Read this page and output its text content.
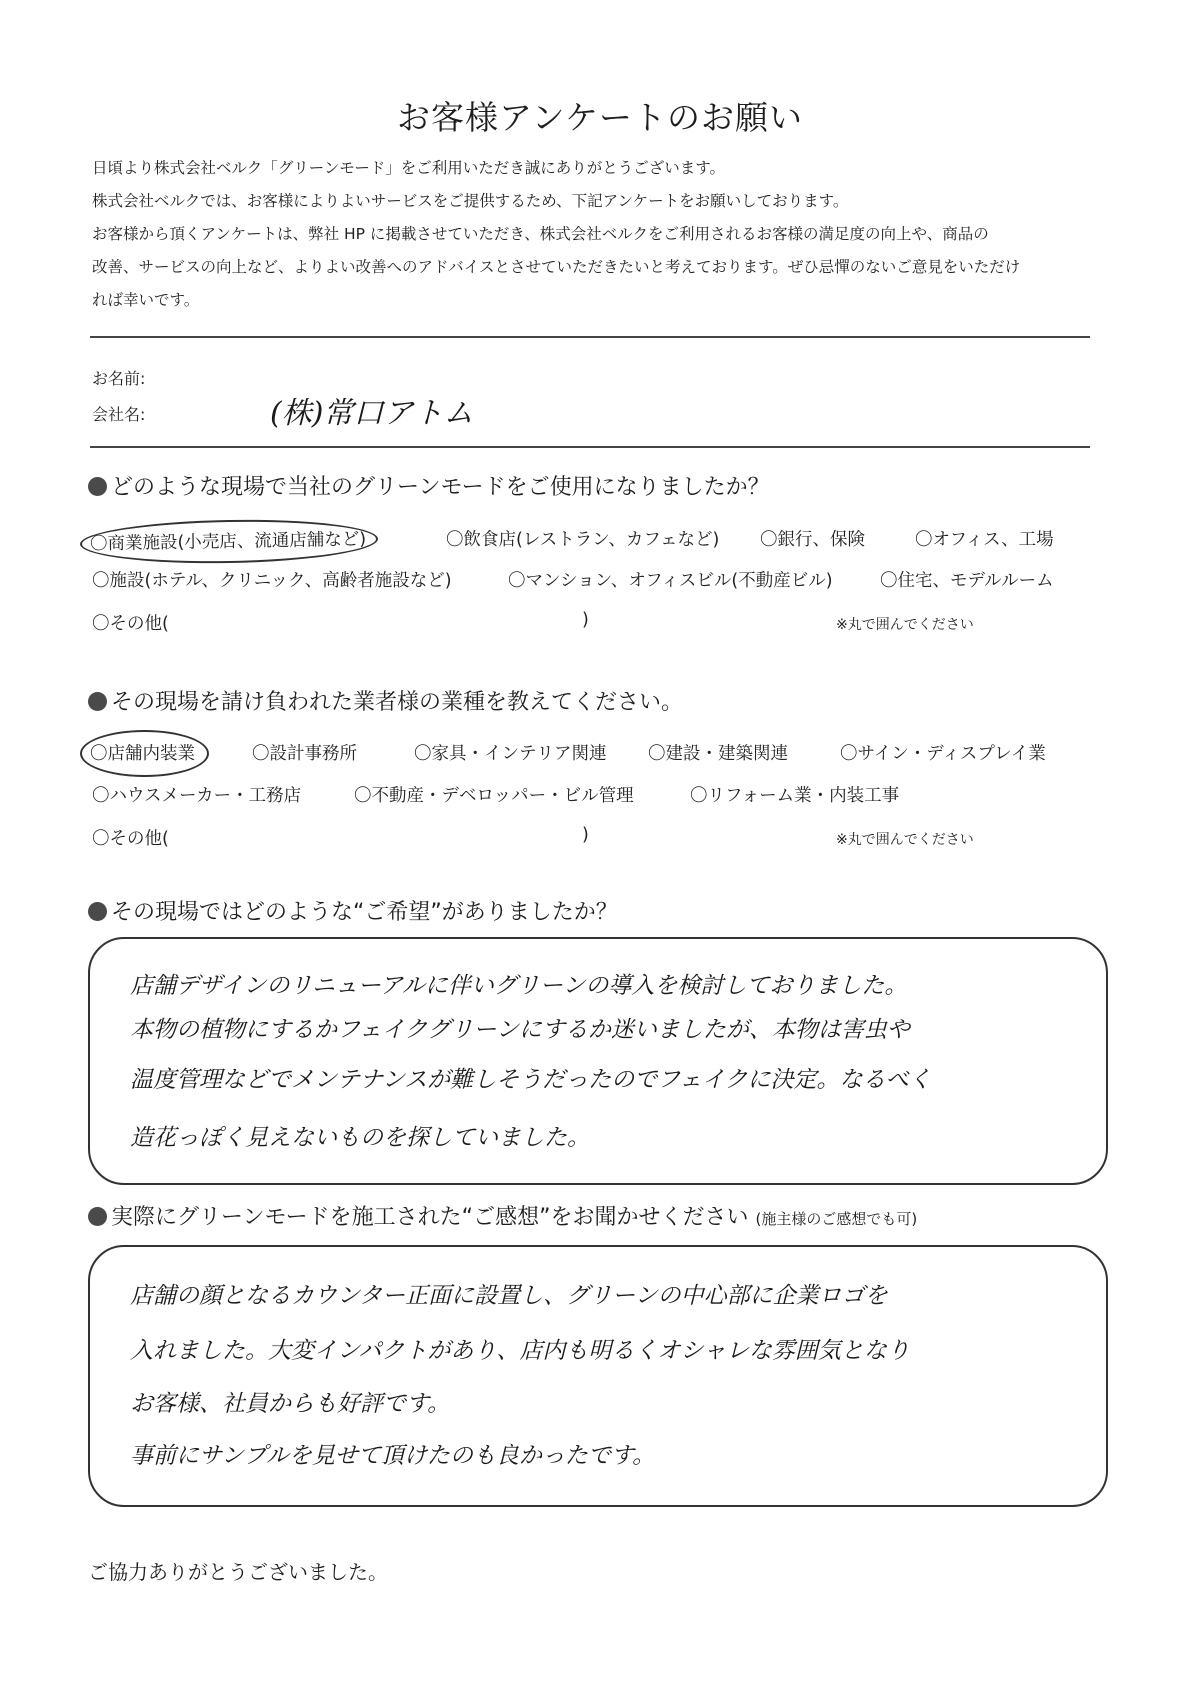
お客様アンケートのお願い

日頃より株式会社ベルク「グリーンモード」をご利用いただき誠にありがとうございます。

株式会社ベルクでは、お客様によりよいサービスをご提供するため、下記アンケートをお願いしております。

お客様から頂くアンケートは、弊社 HP に掲載させていただき、株式会社ベルクをご利用されるお客様の満足度の向上や、商品の

改善、サービスの向上など、よりよい改善へのアドバイスとさせていただきたいと考えております。ぜひ忌憚のないご意見をいただけ

れば幸いです。

お名前:
会社名:	(株)常口アトム
どのような現場で当社のグリーンモードをご使用になりましたか？
〇商業施設(小売店、流通店舗など)	〇飲食店(レストラン、カフェなど) 〇銀行、保険	〇オフィス、工場
〇施設(ホテル、クリニック、高齢者施設など)	〇マンション、オフィスビル(不動産ビル)	〇住宅、モデルルーム
〇その他(	)	※丸で囲んでください
その現場を請け負われた業者様の業種を教えてください。
〇店舗内装業	〇設計事務所	〇家具・インテリア関連 〇建設・建築関連	〇サイン・ディスプレイ業
〇ハウスメーカー・工務店	〇不動産・デベロッパー・ビル管理	〇リフォーム業・内装工事
〇その他(	)	※丸で囲んでください
その現場ではどのような“ご希望”がありましたか？
店舗デザインのリニューアルに伴いグリーンの導入を検討しておりました。
本物の植物にするかフェイクグリーンにするか迷いましたが、本物は害虫や
温度管理などでメンテナンスが難しそうだったのでフェイクに決定。なるべく
造花っぽく見えないものを探していました。
実際にグリーンモードを施工された“ご感想”をお聞かせください (施主様のご感想でも可)
店舗の顔となるカウンター正面に設置し、グリーンの中心部に企業ロゴを
入れました。大変インパクトがあり、店内も明るくオシャレな雰囲気となり
お客様、社員からも好評です。
事前にサンプルを見せて頂けたのも良かったです。
ご協力ありがとうございました。
